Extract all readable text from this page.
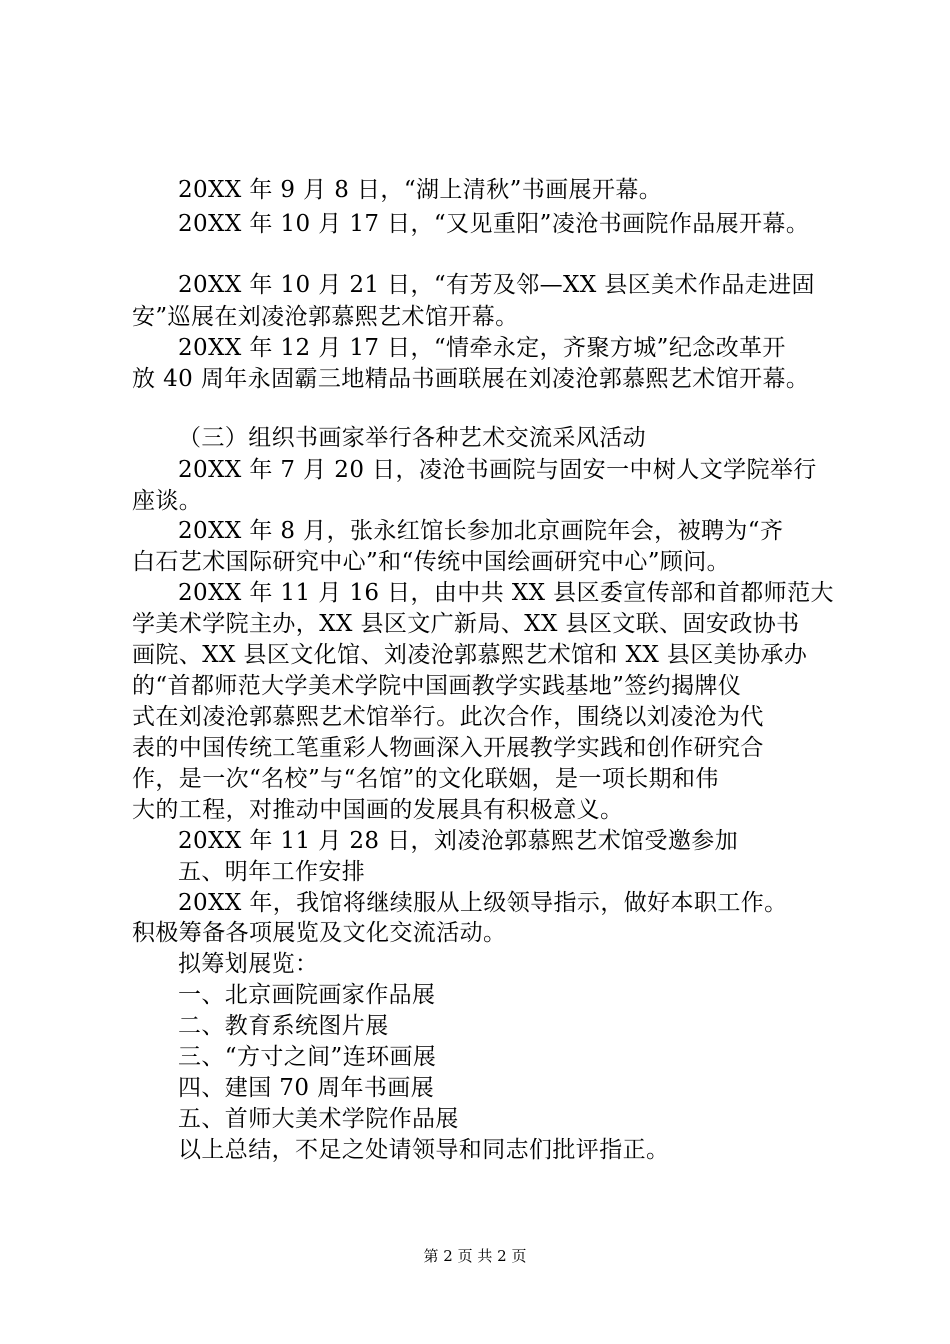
20XX 年 9 月 8 日，“湖上清秋”书画展开幕。
20XX 年 10 月 17 日，“又见重阳”凌沧书画院作品展开幕。
20XX 年 10 月 21 日，“有芳及邻—XX 县区美术作品走进固
安”巡展在刘凌沧郭慕熙艺术馆开幕。
20XX 年 12 月 17 日，“情牵永定，齐聚方城”纪念改革开
放 40 周年永固霸三地精品书画联展在刘凌沧郭慕熙艺术馆开幕。
（三）组织书画家举行各种艺术交流采风活动
20XX 年 7 月 20 日，凌沧书画院与固安一中树人文学院举行
座谈。
20XX 年 8 月，张永红馆长参加北京画院年会，被聘为“齐
白石艺术国际研究中心”和“传统中国绘画研究中心”顾问。
20XX 年 11 月 16 日，由中共 XX 县区委宣传部和首都师范大
学美术学院主办，XX 县区文广新局、XX 县区文联、固安政协书
画院、XX 县区文化馆、刘凌沧郭慕熙艺术馆和 XX 县区美协承办
的“首都师范大学美术学院中国画教学实践基地”签约揭牌仪
式在刘凌沧郭慕熙艺术馆举行。此次合作，围绕以刘凌沧为代
表的中国传统工笔重彩人物画深入开展教学实践和创作研究合
作，是一次“名校”与“名馆”的文化联姻，是一项长期和伟
大的工程，对推动中国画的发展具有积极意义。
20XX 年 11 月 28 日，刘凌沧郭慕熙艺术馆受邀参加
五、明年工作安排
20XX 年，我馆将继续服从上级领导指示，做好本职工作。
积极筹备各项展览及文化交流活动。
拟筹划展览：
一、北京画院画家作品展
二、教育系统图片展
三、“方寸之间”连环画展
四、建国 70 周年书画展
五、首师大美术学院作品展
以上总结，不足之处请领导和同志们批评指正。
第 2 页 共 2 页
